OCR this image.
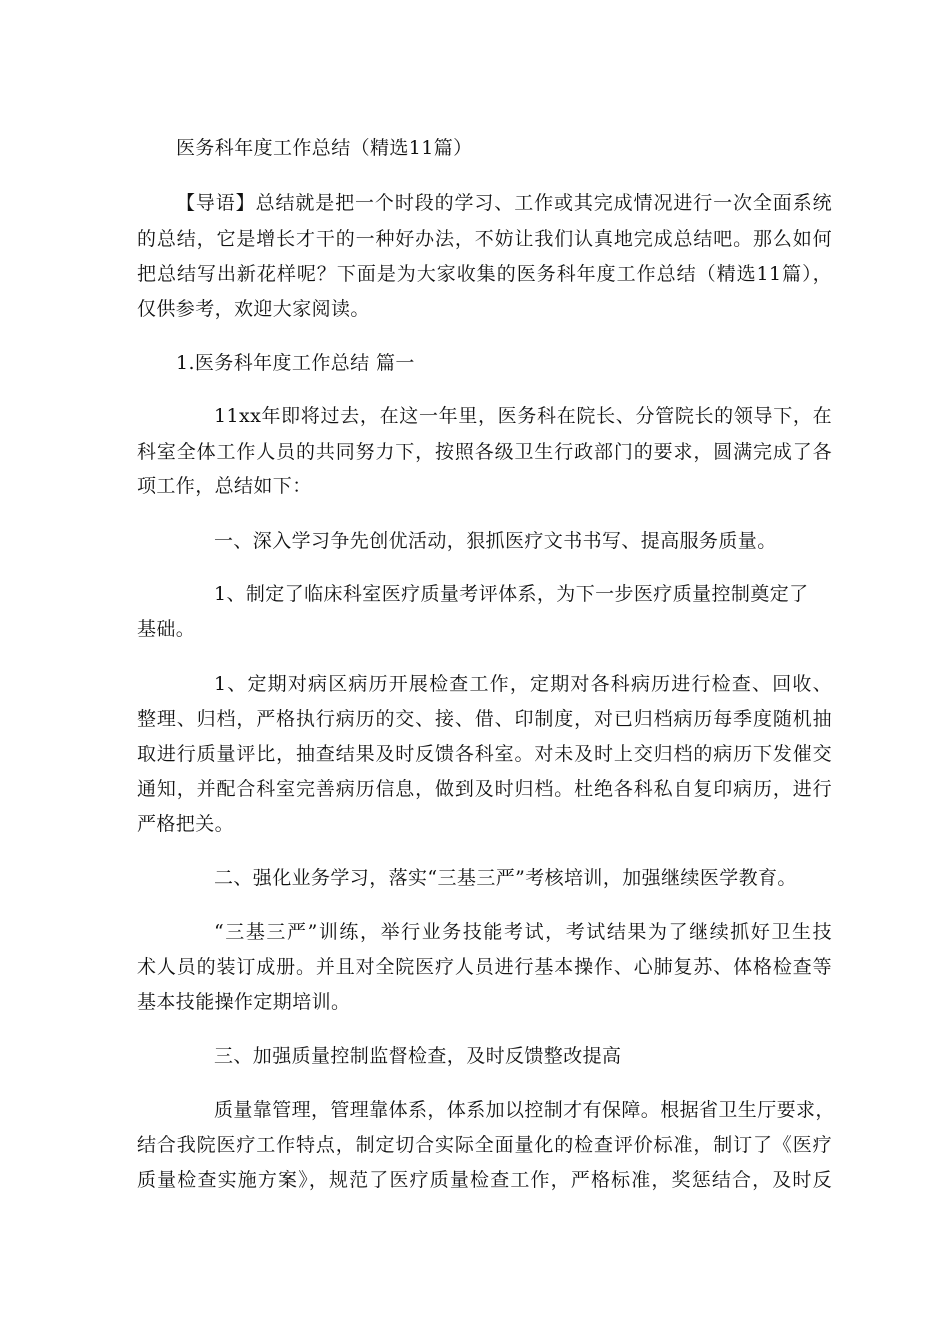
医务科年度工作总结（精选11篇）
【导语】总结就是把一个时段的学习、工作或其完成情况进行一次全面系统
的总结，它是增长才干的一种好办法，不妨让我们认真地完成总结吧。那么如何
把总结写出新花样呢？下面是为大家收集的医务科年度工作总结（精选11篇），
仅供参考，欢迎大家阅读。
1.医务科年度工作总结 篇一
11xx年即将过去，在这一年里，医务科在院长、分管院长的领导下，在
科室全体工作人员的共同努力下，按照各级卫生行政部门的要求，圆满完成了各
项工作，总结如下：
一、深入学习争先创优活动，狠抓医疗文书书写、提高服务质量。
1、制定了临床科室医疗质量考评体系，为下一步医疗质量控制奠定了
基础。
1、定期对病区病历开展检查工作，定期对各科病历进行检查、回收、
整理、归档，严格执行病历的交、接、借、印制度，对已归档病历每季度随机抽
取进行质量评比，抽查结果及时反馈各科室。对未及时上交归档的病历下发催交
通知，并配合科室完善病历信息，做到及时归档。杜绝各科私自复印病历，进行
严格把关。
二、强化业务学习，落实“三基三严”考核培训，加强继续医学教育。
“三基三严”训练，举行业务技能考试，考试结果为了继续抓好卫生技
术人员的装订成册。并且对全院医疗人员进行基本操作、心肺复苏、体格检查等
基本技能操作定期培训。
三、加强质量控制监督检查，及时反馈整改提高
质量靠管理，管理靠体系，体系加以控制才有保障。根据省卫生厅要求，
结合我院医疗工作特点，制定切合实际全面量化的检查评价标准，制订了《医疗
质量检查实施方案》，规范了医疗质量检查工作，严格标准，奖惩结合，及时反
